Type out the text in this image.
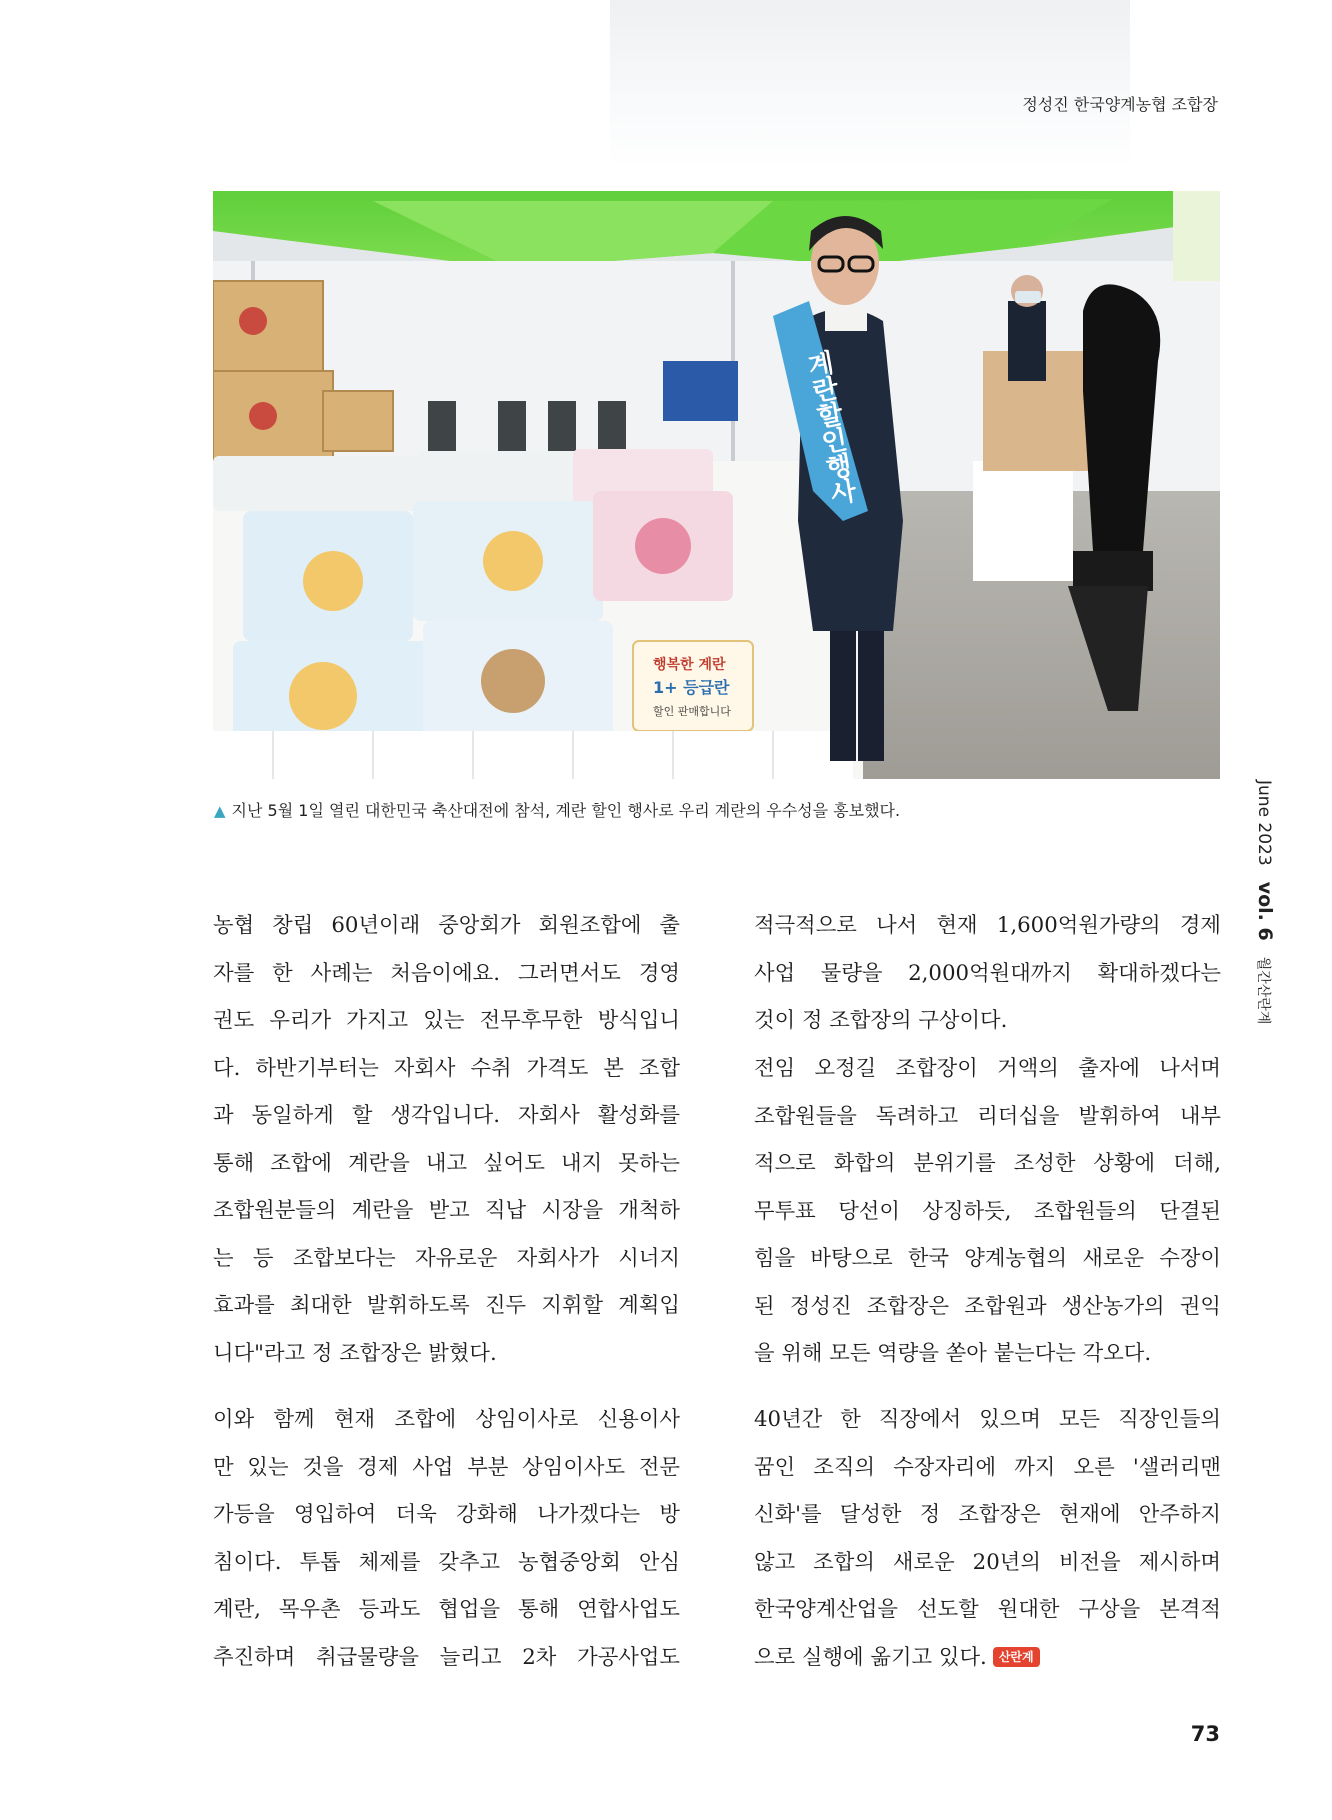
정성진 한국양계농협 조합장
계란할인행사
행복한 계란
1+ 등급란
할인 판매합니다
▲ 지난 5월 1일 열린 대한민국 축산대전에 참석, 계란 할인 행사로 우리 계란의 우수성을 홍보했다.	June 2023vol. 6월간산란계

농협 창립 60년이래 중앙회가 회원조합에 출

자를 한 사례는 처음이에요. 그러면서도 경영

권도 우리가 가지고 있는 전무후무한 방식입니

다. 하반기부터는 자회사 수취 가격도 본 조합

과 동일하게 할 생각입니다. 자회사 활성화를

통해 조합에 계란을 내고 싶어도 내지 못하는

조합원분들의 계란을 받고 직납 시장을 개척하

는 등 조합보다는 자유로운 자회사가 시너지

효과를 최대한 발휘하도록 진두 지휘할 계획입

니다"라고 정 조합장은 밝혔다.

이와 함께 현재 조합에 상임이사로 신용이사

만 있는 것을 경제 사업 부분 상임이사도 전문

가등을 영입하여 더욱 강화해 나가겠다는 방

침이다. 투톱 체제를 갖추고 농협중앙회 안심

계란, 목우촌 등과도 협업을 통해 연합사업도

추진하며 취급물량을 늘리고 2차 가공사업도

적극적으로 나서 현재 1,600억원가량의 경제

사업 물량을 2,000억원대까지 확대하겠다는

것이 정 조합장의 구상이다.

전임 오정길 조합장이 거액의 출자에 나서며

조합원들을 독려하고 리더십을 발휘하여 내부

적으로 화합의 분위기를 조성한 상황에 더해,

무투표 당선이 상징하듯, 조합원들의 단결된

힘을 바탕으로 한국 양계농협의 새로운 수장이

된 정성진 조합장은 조합원과 생산농가의 권익

을 위해 모든 역량을 쏟아 붙는다는 각오다.

40년간 한 직장에서 있으며 모든 직장인들의

꿈인 조직의 수장자리에 까지 오른 '샐러리맨

신화'를 달성한 정 조합장은 현재에 안주하지

않고 조합의 새로운 20년의 비전을 제시하며

한국양계산업을 선도할 원대한 구상을 본격적

으로 실행에 옮기고 있다. 산란계

73
